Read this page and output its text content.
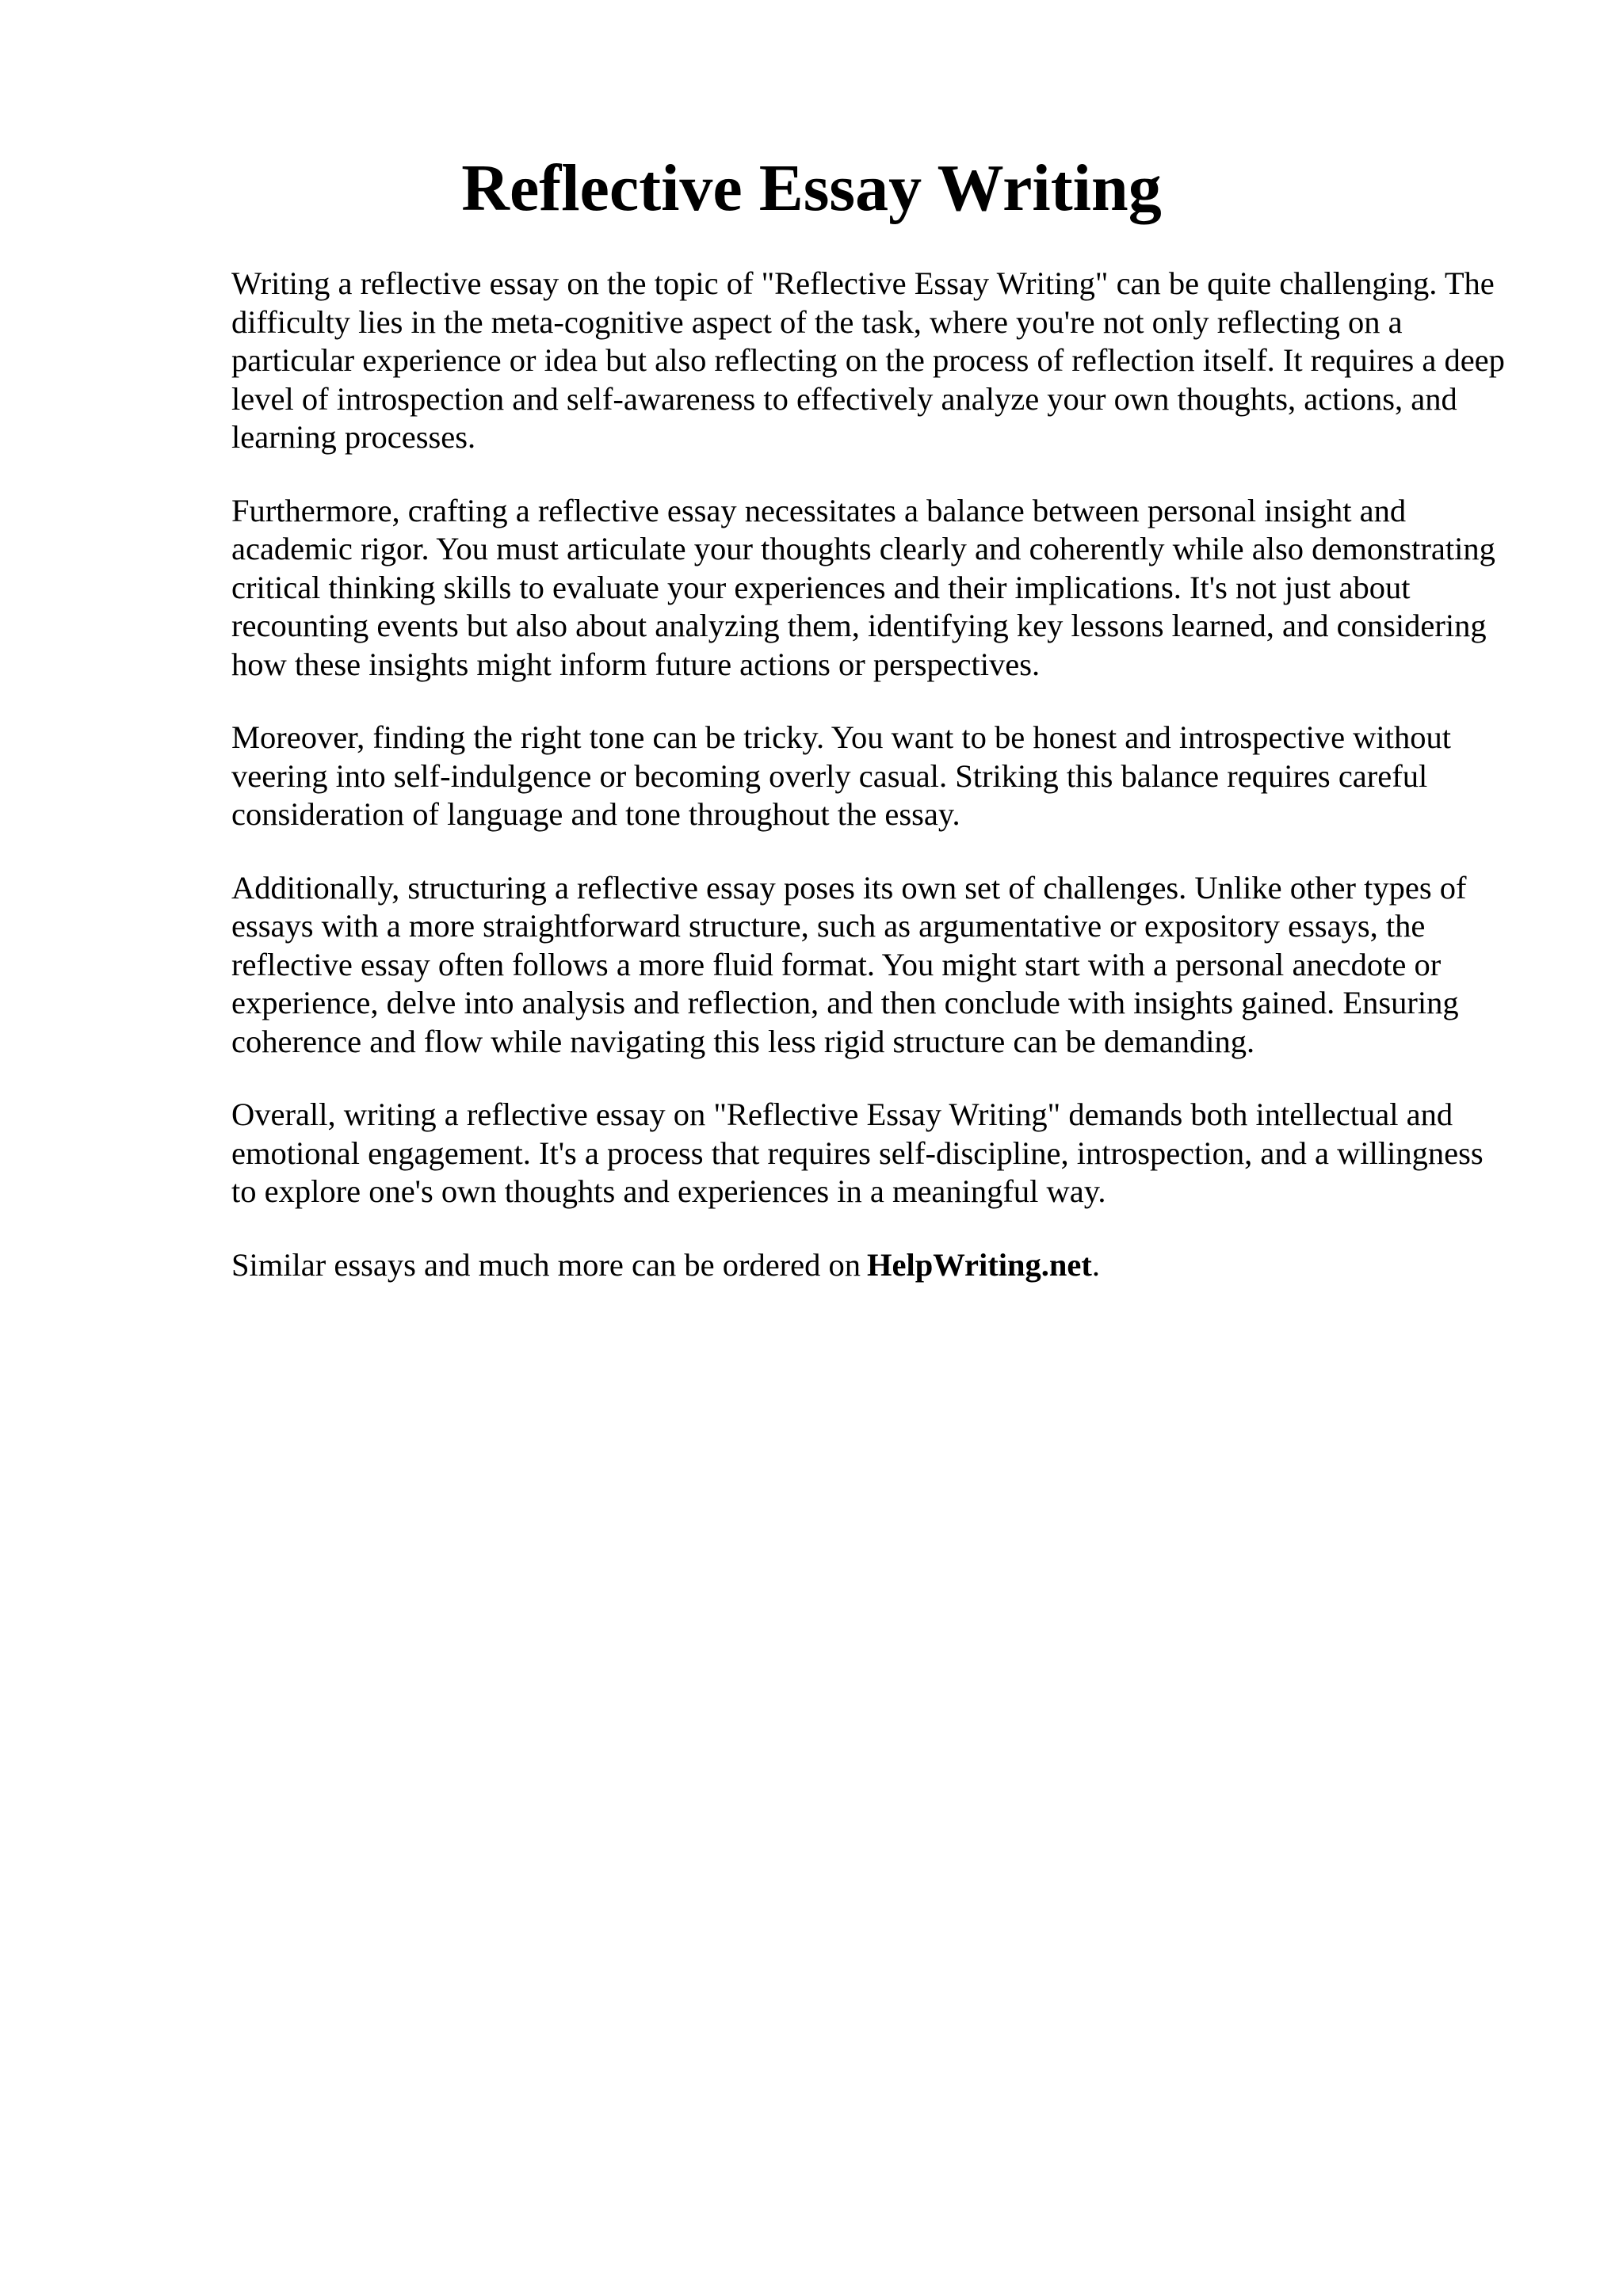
Reflective Essay Writing

Writing a reflective essay on the topic of "Reflective Essay Writing" can be quite challenging. The difficulty lies in the meta-cognitive aspect of the task, where you're not only reflecting on a particular experience or idea but also reflecting on the process of reflection itself. It requires a deep level of introspection and self-awareness to effectively analyze your own thoughts, actions, and learning processes.

Furthermore, crafting a reflective essay necessitates a balance between personal insight and academic rigor. You must articulate your thoughts clearly and coherently while also demonstrating critical thinking skills to evaluate your experiences and their implications. It's not just about recounting events but also about analyzing them, identifying key lessons learned, and considering how these insights might inform future actions or perspectives.

Moreover, finding the right tone can be tricky. You want to be honest and introspective without veering into self-indulgence or becoming overly casual. Striking this balance requires careful consideration of language and tone throughout the essay.

Additionally, structuring a reflective essay poses its own set of challenges. Unlike other types of essays with a more straightforward structure, such as argumentative or expository essays, the reflective essay often follows a more fluid format. You might start with a personal anecdote or experience, delve into analysis and reflection, and then conclude with insights gained. Ensuring coherence and flow while navigating this less rigid structure can be demanding.

Overall, writing a reflective essay on "Reflective Essay Writing" demands both intellectual and emotional engagement. It's a process that requires self-discipline, introspection, and a willingness to explore one's own thoughts and experiences in a meaningful way.

Similar essays and much more can be ordered on HelpWriting.net.
